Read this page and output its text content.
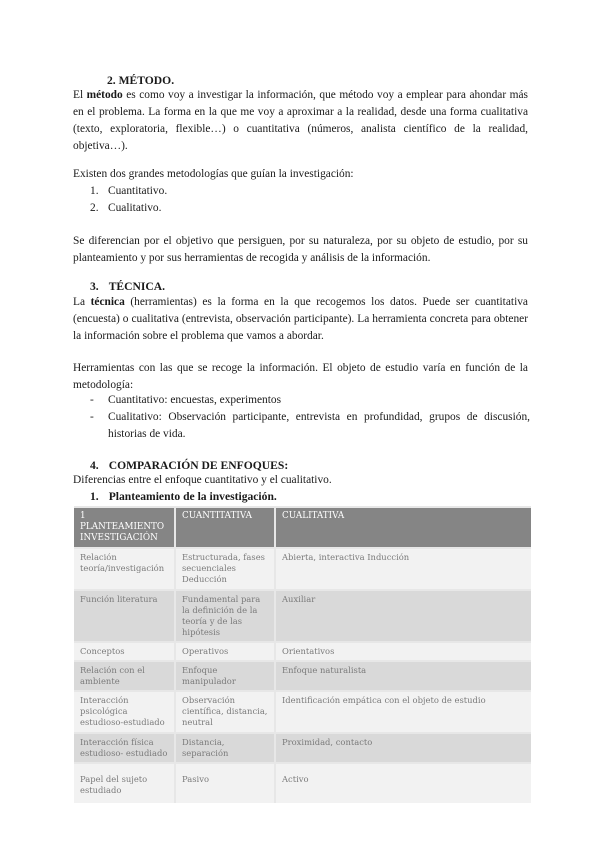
2. MÉTODO.

El método es como voy a investigar la información, que método voy a emplear para ahondar más en el problema. La forma en la que me voy a aproximar a la realidad, desde una forma cualitativa (texto, exploratoria, flexible…) o cuantitativa (números, analista científico de la realidad, objetiva…).

Existen dos grandes metodologías que guían la investigación:

1. Cuantitativo.
2. Cualitativo.

Se diferencian por el objetivo que persiguen, por su naturaleza, por su objeto de estudio, por su planteamiento y por sus herramientas de recogida y análisis de la información.

3. TÉCNICA.

La técnica (herramientas) es la forma en la que recogemos los datos. Puede ser cuantitativa (encuesta) o cualitativa (entrevista, observación participante). La herramienta concreta para obtener la información sobre el problema que vamos a abordar.

Herramientas con las que se recoge la información. El objeto de estudio varía en función de la metodología:

- Cuantitativo: encuestas, experimentos
- Cualitativo: Observación participante, entrevista en profundidad, grupos de discusión, historias de vida.

4. COMPARACIÓN DE ENFOQUES:

Diferencias entre el enfoque cuantitativo y el cualitativo.

1. Planteamiento de la investigación.

1 PLANTEAMIENTO INVESTIGACIÓN	CUANTITATIVA	CUALITATIVA
Relación teoría/investigación	Estructurada, fases secuenciales Deducción	Abierta, interactiva Inducción
Función literatura	Fundamental para la definición de la teoría y de las hipótesis	Auxiliar
Conceptos	Operativos	Orientativos
Relación con el ambiente	Enfoque manipulador	Enfoque naturalista
Interacción psicológica estudioso-estudiado	Observación científica, distancia, neutral	Identificación empática con el objeto de estudio
Interacción física estudioso- estudiado	Distancia, separación	Proximidad, contacto
Papel del sujeto estudiado	Pasivo	Activo
